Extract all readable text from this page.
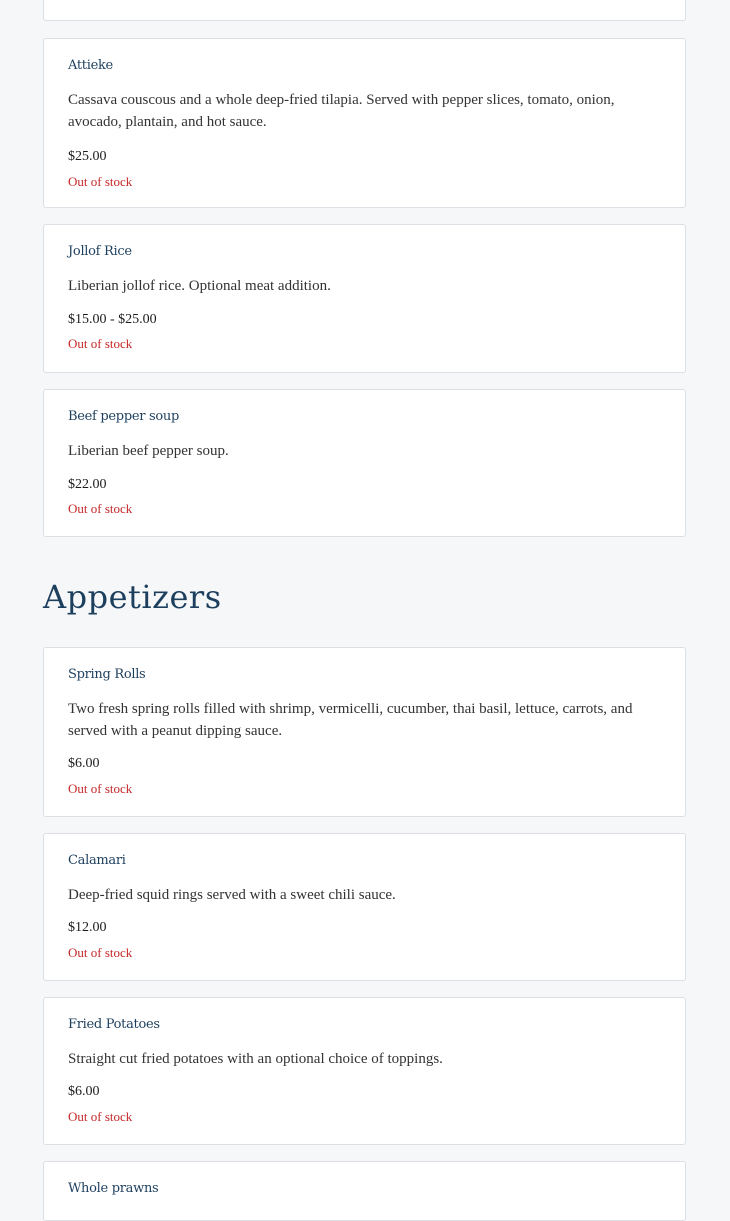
Attieke
Cassava couscous and a whole deep-fried tilapia. Served with pepper slices, tomato, onion, avocado, plantain, and hot sauce.
$25.00
Out of stock
Jollof Rice
Liberian jollof rice. Optional meat addition.
$15.00 - $25.00
Out of stock
Beef pepper soup
Liberian beef pepper soup.
$22.00
Out of stock
Appetizers
Spring Rolls
Two fresh spring rolls filled with shrimp, vermicelli, cucumber, thai basil, lettuce, carrots, and served with a peanut dipping sauce.
$6.00
Out of stock
Calamari
Deep-fried squid rings served with a sweet chili sauce.
$12.00
Out of stock
Fried Potatoes
Straight cut fried potatoes with an optional choice of toppings.
$6.00
Out of stock
Whole prawns
